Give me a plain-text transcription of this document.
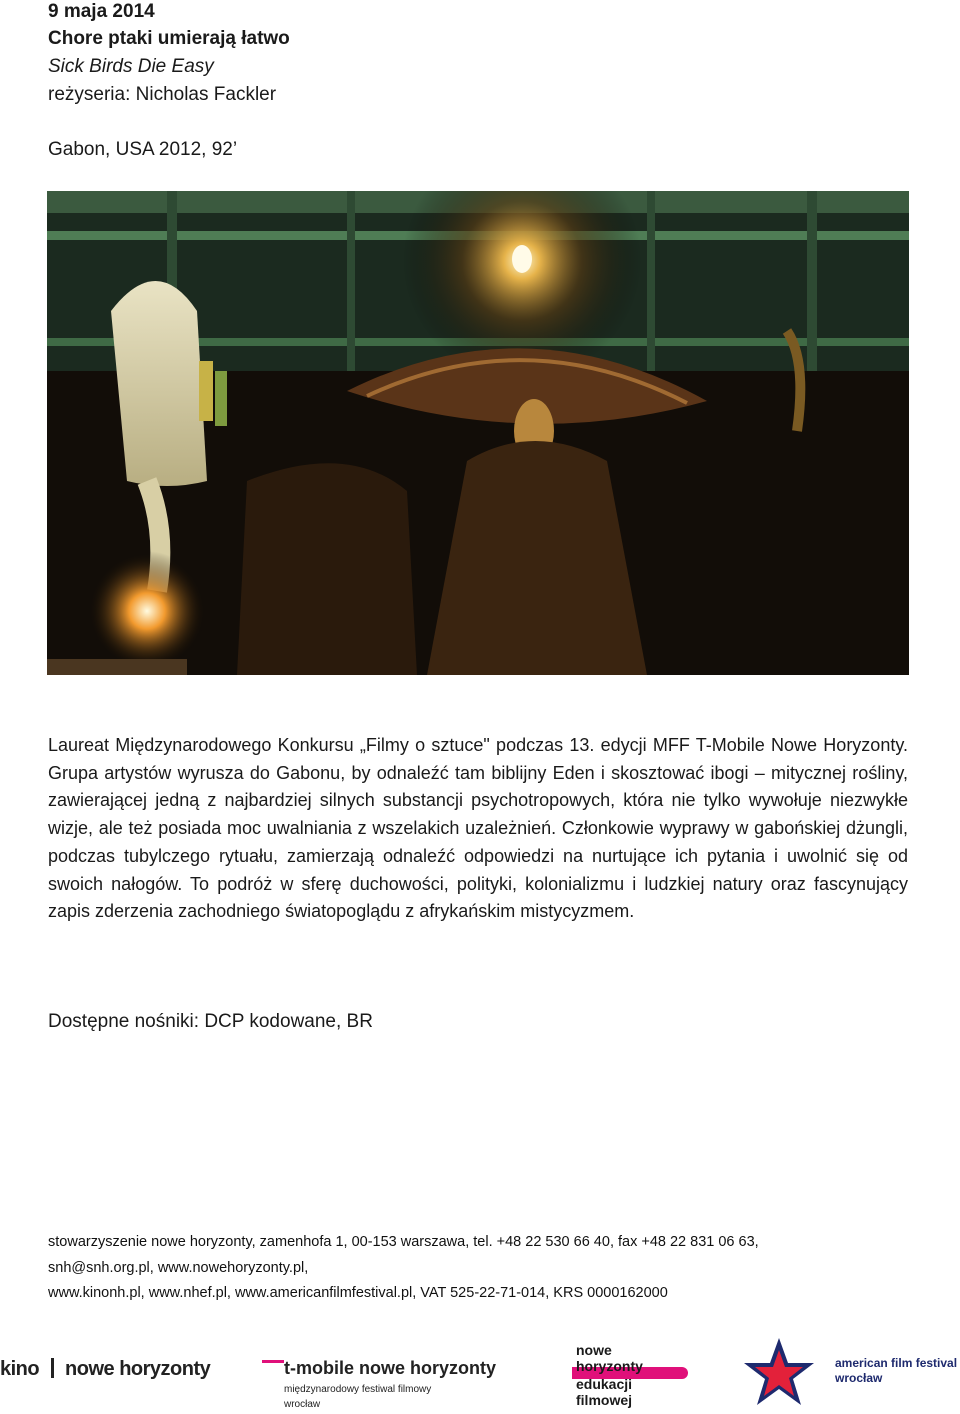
9 maja 2014
Chore ptaki umierają łatwo
Sick Birds Die Easy
reżyseria: Nicholas Fackler
Gabon, USA 2012, 92’

Laureat Międzynarodowego Konkursu „Filmy o sztuce" podczas 13. edycji MFF T-Mobile Nowe Horyzonty. Grupa artystów wyrusza do Gabonu, by odnaleźć tam biblijny Eden i skosztować ibogi – mitycznej rośliny, zawierającej jedną z najbardziej silnych substancji psychotropowych, która nie tylko wywołuje niezwykłe wizje, ale też posiada moc uwalniania z wszelakich uzależnień. Członkowie wyprawy w gabońskiej dżungli, podczas tubylczego rytuału, zamierzają odnaleźć odpowiedzi na nurtujące ich pytania i uwolnić się od swoich nałogów. To podróż w sferę duchowości, polityki, kolonializmu i ludzkiej natury oraz fascynujący zapis zderzenia zachodniego światopoglądu z afrykańskim mistycyzmem.

Dostępne nośniki: DCP kodowane, BR
stowarzyszenie nowe horyzonty, zamenhofa 1, 00-153 warszawa, tel. +48 22 530 66 40, fax +48 22 831 06 63,
snh@snh.org.pl, www.nowehoryzonty.pl,
www.kinonh.pl, www.nhef.pl, www.americanfilmfestival.pl, VAT 525-22-71-014, KRS 0000162000
kino nowe horyzonty	t-mobile nowe horyzonty
międzynarodowy festiwal filmowy
wrocław
nowe
horyzonty
edukacji
filmowej
american film festival
wrocław
